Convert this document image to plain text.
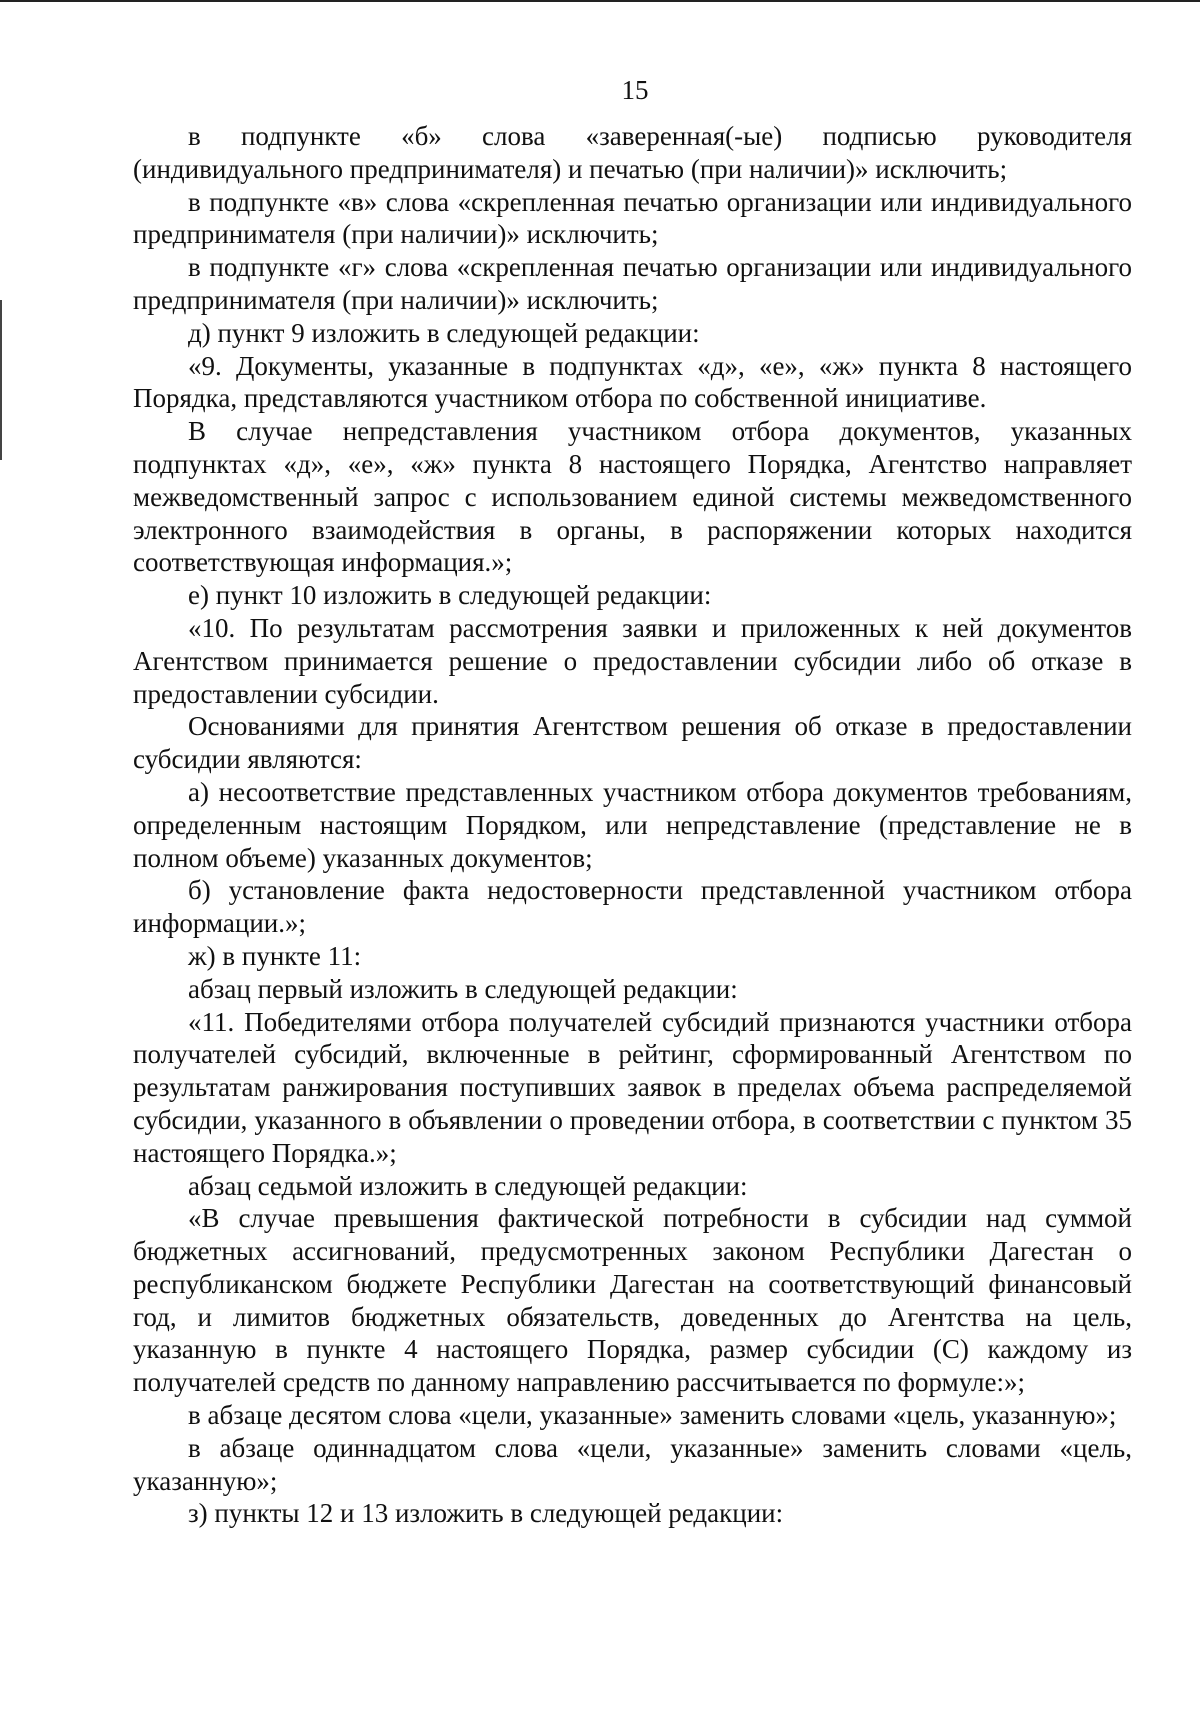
15

в подпункте «б» слова «заверенная(-ые) подписью руководителя (индивидуального предпринимателя) и печатью (при наличии)» исключить;

в подпункте «в» слова «скрепленная печатью организации или индивидуального предпринимателя (при наличии)» исключить;

в подпункте «г» слова «скрепленная печатью организации или индивидуального предпринимателя (при наличии)» исключить;

д) пункт 9 изложить в следующей редакции:

«9. Документы, указанные в подпунктах «д», «е», «ж» пункта 8 настоящего Порядка, представляются участником отбора по собственной инициативе.

В случае непредставления участником отбора документов, указанных подпунктах «д», «е», «ж» пункта 8 настоящего Порядка, Агентство направляет межведомственный запрос с использованием единой системы межведомственного электронного взаимодействия в органы, в распоряжении которых находится соответствующая информация.»;

е) пункт 10 изложить в следующей редакции:

«10. По результатам рассмотрения заявки и приложенных к ней документов Агентством принимается решение о предоставлении субсидии либо об отказе в предоставлении субсидии.

Основаниями для принятия Агентством решения об отказе в предоставлении субсидии являются:

а) несоответствие представленных участником отбора документов требованиям, определенным настоящим Порядком, или непредставление (представление не в полном объеме) указанных документов;

б) установление факта недостоверности представленной участником отбора информации.»;

ж) в пункте 11:

абзац первый изложить в следующей редакции:

«11. Победителями отбора получателей субсидий признаются участники отбора получателей субсидий, включенные в рейтинг, сформированный Агентством по результатам ранжирования поступивших заявок в пределах объема распределяемой субсидии, указанного в объявлении о проведении отбора, в соответствии с пунктом 35 настоящего Порядка.»;

абзац седьмой изложить в следующей редакции:

«В случае превышения фактической потребности в субсидии над суммой бюджетных ассигнований, предусмотренных законом Республики Дагестан о республиканском бюджете Республики Дагестан на соответствующий финансовый год, и лимитов бюджетных обязательств, доведенных до Агентства на цель, указанную в пункте 4 настоящего Порядка, размер субсидии (С) каждому из получателей средств по данному направлению рассчитывается по формуле:»;

в абзаце десятом слова «цели, указанные» заменить словами «цель, указанную»;

в абзаце одиннадцатом слова «цели, указанные» заменить словами «цель, указанную»;

з) пункты 12 и 13 изложить в следующей редакции:
